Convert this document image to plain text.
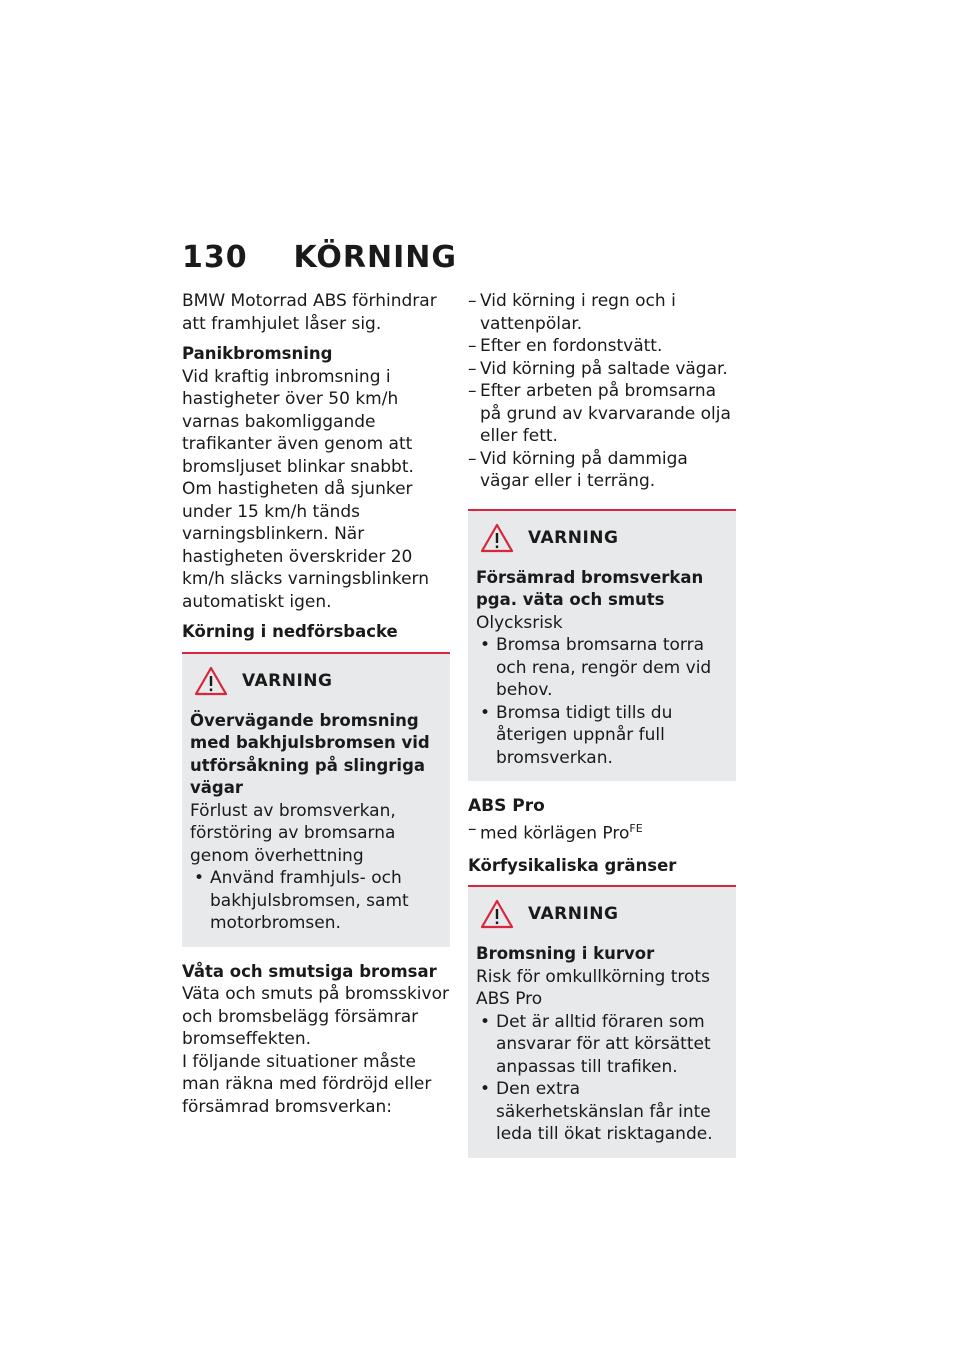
130 KÖRNING

BMW Motorrad ABS förhindrar att framhjulet låser sig.

Panikbromsning

Vid kraftig inbromsning i hastigheter över 50 km/h varnas bakomliggande trafikanter även genom att bromsljuset blinkar snabbt.

Om hastigheten då sjunker under 15 km/h tänds varningsblinkern. När hastigheten överskrider 20 km/h släcks varningsblinkern automatiskt igen.

Körning i nedförsbacke
VARNING
Övervägande bromsning med bakhjulsbromsen vid utförsåkning på slingriga vägar
Förlust av bromsverkan, förstöring av bromsarna genom överhettning
• Använd framhjuls- och bakhjulsbromsen, samt motorbromsen.
Våta och smutsiga bromsar

Väta och smuts på bromsskivor och bromsbelägg försämrar bromseffekten.

I följande situationer måste man räkna med fördröjd eller försämrad bromsverkan:

– Vid körning i regn och i vattenpölar.
– Efter en fordonstvätt.
– Vid körning på saltade vägar.
– Efter arbeten på bromsarna på grund av kvarvarande olja eller fett.
– Vid körning på dammiga vägar eller i terräng.
VARNING
Försämrad bromsverkan pga. väta och smuts
Olycksrisk
• Bromsa bromsarna torra och rena, rengör dem vid behov.
• Bromsa tidigt tills du återigen uppnår full bromsverkan.
ABS Pro
– med körlägen Pro$^{FE}$
Körfysikaliska gränser
VARNING
Bromsning i kurvor
Risk för omkullkörning trots ABS Pro
• Det är alltid föraren som ansvarar för att körsättet anpassas till trafiken.
• Den extra säkerhetskänslan får inte leda till ökat risktagande.
